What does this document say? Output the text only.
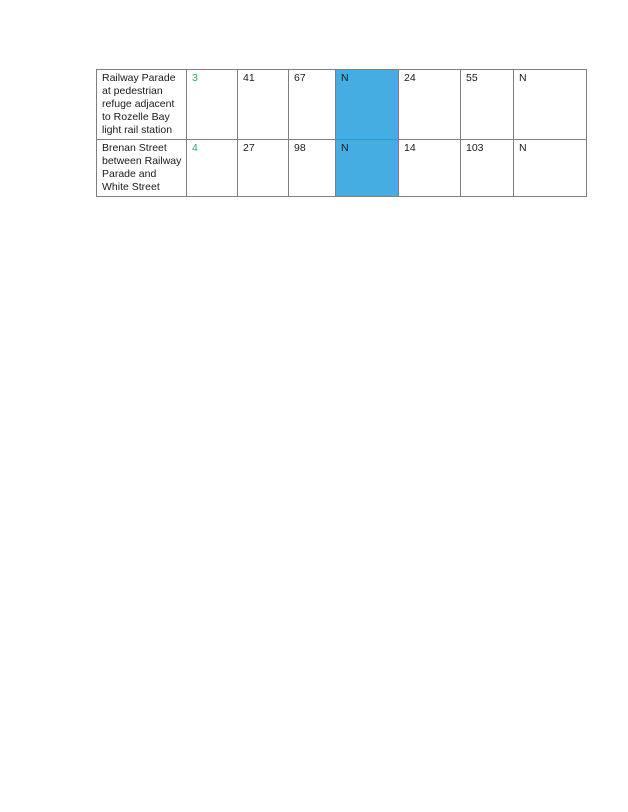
Railway Parade at pedestrian refuge adjacent to Rozelle Bay light rail station	3	41	67	N	24	55	N
Brenan Street between Railway Parade and White Street	4	27	98	N	14	103	N
